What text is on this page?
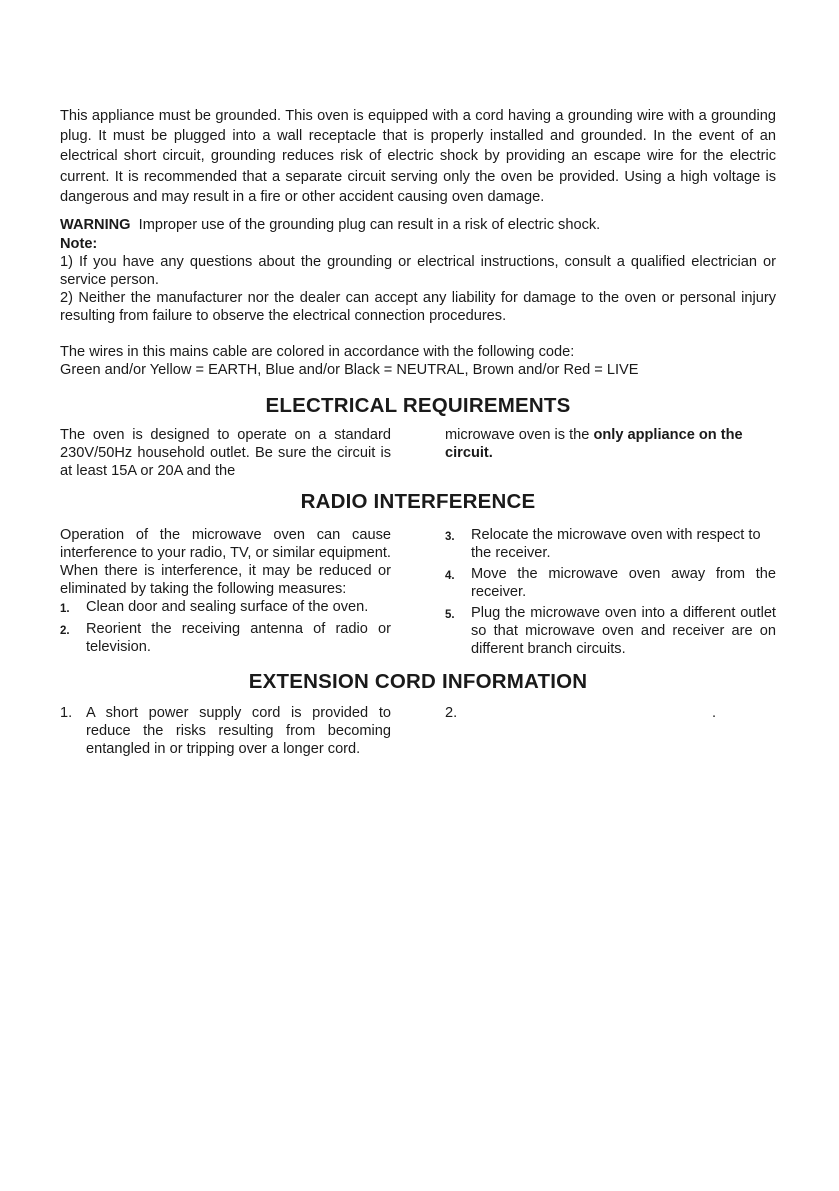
This appliance must be grounded. This oven is equipped with a cord having a grounding wire with a grounding plug. It must be plugged into a wall receptacle that is properly installed and grounded. In the event of an electrical short circuit, grounding reduces risk of electric shock by providing an escape wire for the electric current. It is recommended that a separate circuit serving only the oven be provided. Using a high voltage is dangerous and may result in a fire or other accident causing oven damage.

WARNING Improper use of the grounding plug can result in a risk of electric shock.

Note:

1) If you have any questions about the grounding or electrical instructions, consult a qualified electrician or service person.

2) Neither the manufacturer nor the dealer can accept any liability for damage to the oven or personal injury resulting from failure to observe the electrical connection procedures.

The wires in this mains cable are colored in accordance with the following code:

Green and/or Yellow = EARTH, Blue and/or Black = NEUTRAL, Brown and/or Red = LIVE

ELECTRICAL REQUIREMENTS

The oven is designed to operate on a standard 230V/50Hz household outlet. Be sure the circuit is at least 15A or 20A and the

microwave oven is the only appliance on the circuit.

RADIO INTERFERENCE

Operation of the microwave oven can cause interference to your radio, TV, or similar equipment.

When there is interference, it may be reduced or eliminated by taking the following measures:

1.	Clean door and sealing surface of the oven.
2.	Reorient the receiving antenna of radio or television.
3.	Relocate the microwave oven with respect to the receiver.
4.	Move the microwave oven away from the receiver.
5.	Plug the microwave oven into a different outlet so that microwave oven and receiver are on different branch circuits.
EXTENSION CORD INFORMATION
1. A short power supply cord is provided to reduce the risks resulting from becoming entangled in or tripping over a longer cord.
2.	.
